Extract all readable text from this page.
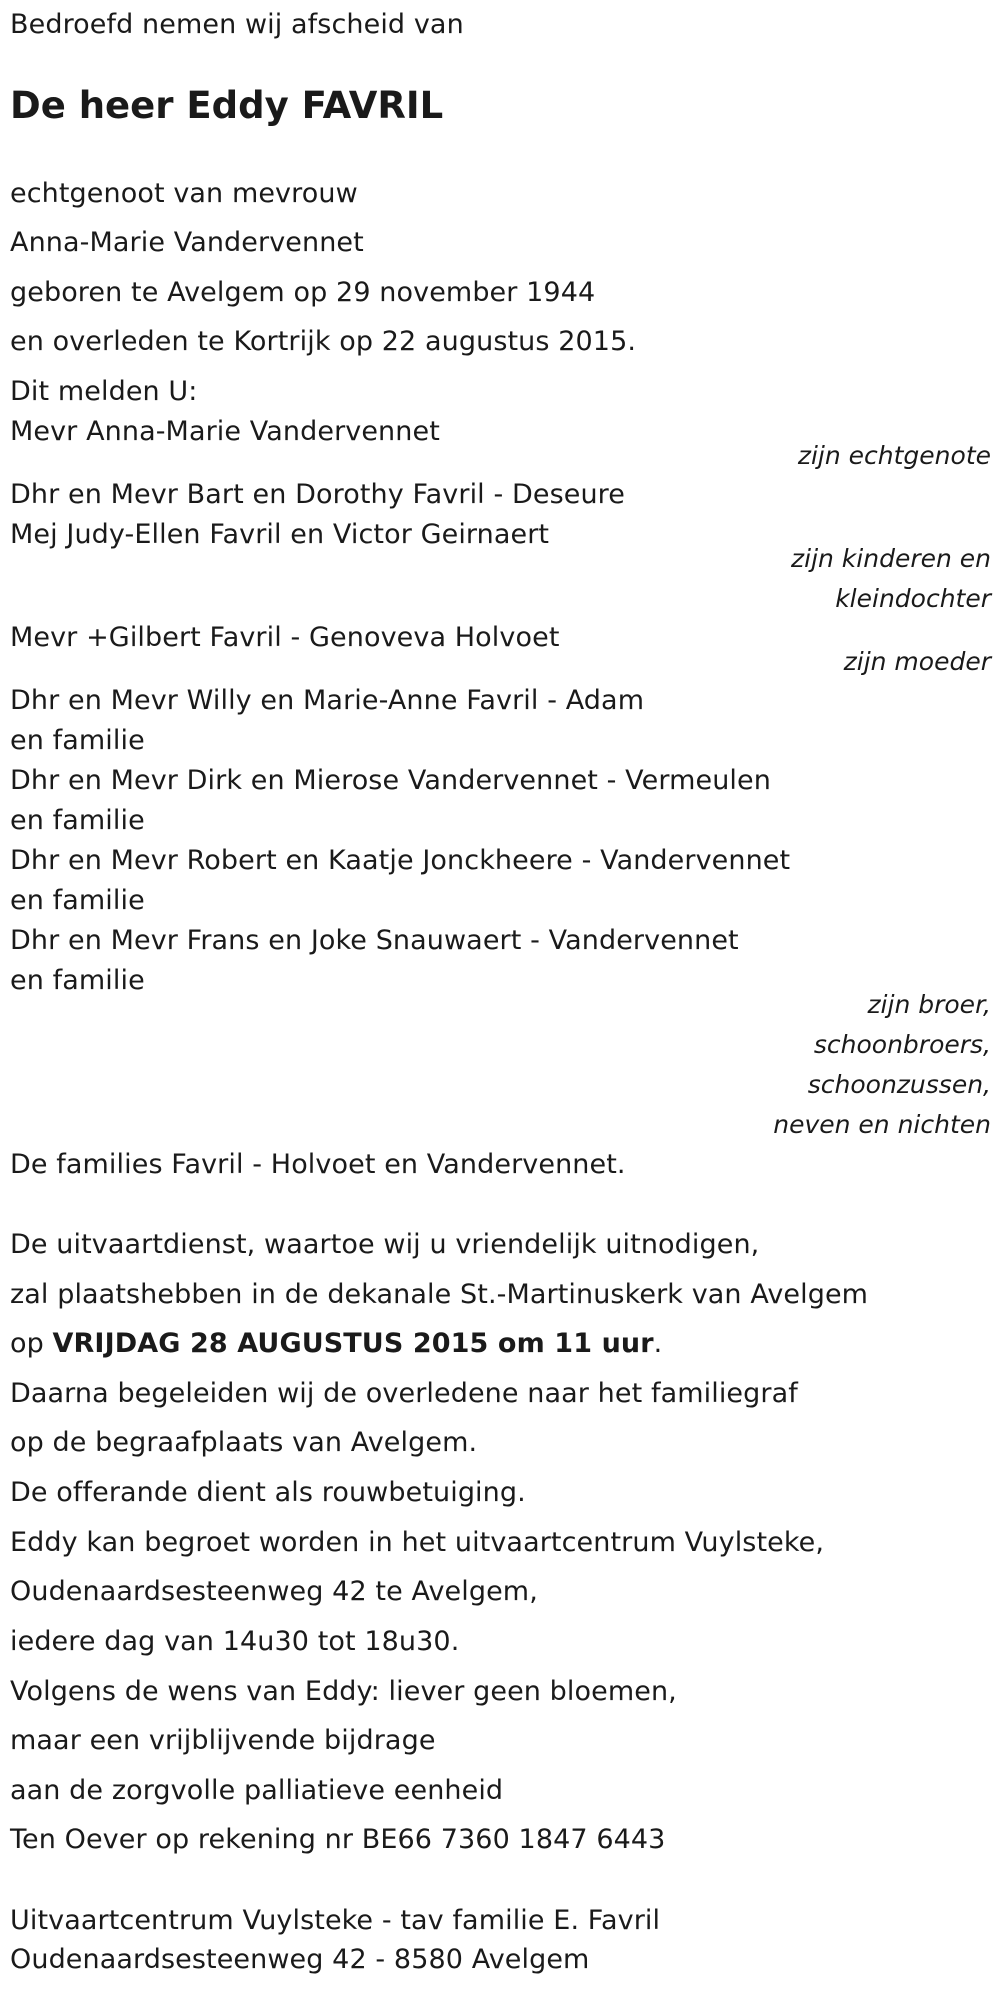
Bedroefd nemen wij afscheid van
De heer Eddy FAVRIL
echtgenoot van mevrouw
Anna-Marie Vandervennet
geboren te Avelgem op 29 november 1944
en overleden te Kortrijk op 22 augustus 2015.
Dit melden U:
Mevr Anna-Marie Vandervennet
zijn echtgenote
Dhr en Mevr Bart en Dorothy Favril - Deseure
Mej Judy-Ellen Favril en Victor Geirnaert
zijn kinderen en
kleindochter
Mevr +Gilbert Favril - Genoveva Holvoet
zijn moeder
Dhr en Mevr Willy en Marie-Anne Favril - Adam
en familie
Dhr en Mevr Dirk en Mierose Vandervennet - Vermeulen
en familie
Dhr en Mevr Robert en Kaatje Jonckheere - Vandervennet
en familie
Dhr en Mevr Frans en Joke Snauwaert - Vandervennet
en familie
zijn broer,
schoonbroers,
schoonzussen,
neven en nichten
De families Favril - Holvoet en Vandervennet.
De uitvaartdienst, waartoe wij u vriendelijk uitnodigen,
zal plaatshebben in de dekanale St.-Martinuskerk van Avelgem
op VRIJDAG 28 AUGUSTUS 2015 om 11 uur.
Daarna begeleiden wij de overledene naar het familiegraf
op de begraafplaats van Avelgem.
De offerande dient als rouwbetuiging.
Eddy kan begroet worden in het uitvaartcentrum Vuylsteke,
Oudenaardsesteenweg 42 te Avelgem,
iedere dag van 14u30 tot 18u30.
Volgens de wens van Eddy: liever geen bloemen,
maar een vrijblijvende bijdrage
aan de zorgvolle palliatieve eenheid
Ten Oever op rekening nr BE66 7360 1847 6443
Uitvaartcentrum Vuylsteke - tav familie E. Favril
Oudenaardsesteenweg 42 - 8580 Avelgem
